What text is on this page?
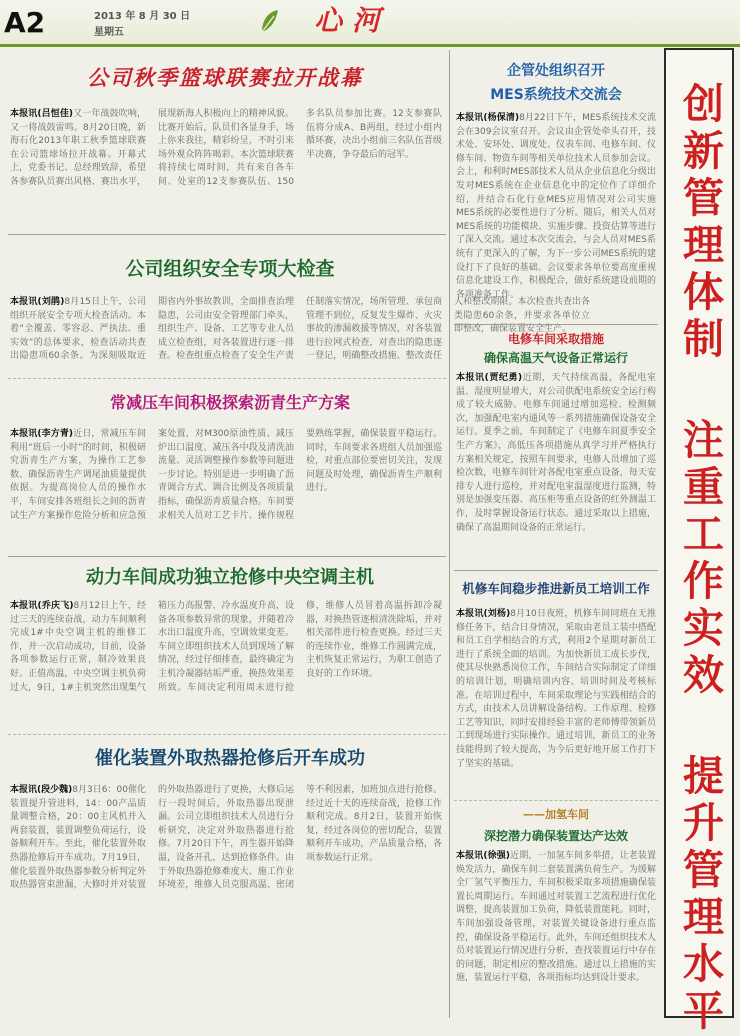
A2	2013 年 8 月 30 日
星期五	心河
公司秋季篮球联赛拉开战幕
本报讯(吕恒佳)又一年战鼓吹响，又一将战鼓雷鸣。8月20日晚，新海石化2013年职工秋季篮球联赛在公司篮球场拉开战幕。开幕式上，党委书记、总经理致辞，希望各参赛队员赛出风格、赛出水平，展现新海人积极向上的精神风貌。比赛开始后，队员们各显身手，场上你来我往，精彩纷呈，不时引来场外观众阵阵喝彩。本次篮球联赛将持续七周时间，共有来自各车间、处室的12支参赛队伍、150多名队员参加比赛。12支参赛队伍将分成A、B两组，经过小组内循环赛，决出小组前三名队伍晋级半决赛，争夺最后的冠军。
公司组织安全专项大检查
本报讯(刘鹃)8月15日上午，公司组织开展安全专项大检查活动。本着“全覆盖、零容忍、严执法、重实效”的总体要求，检查活动共查出隐患项60余条。为深刻吸取近期省内外事故教训，全面排查治理隐患，公司由安全管理部门牵头，组织生产、设备、工艺等专业人员成立检查组，对各装置进行逐一排查。检查组重点检查了安全生产责任制落实情况，场所管理、承包商管理不到位，反复发生爆炸、火灾事故的渗漏救援等情况，对各装置进行拉网式检查，对查出的隐患逐一登记，明确整改措施、整改责任人和整改期限。本次检查共查出各类隐患60余条，并要求各单位立即整改，确保装置安全生产。
常减压车间积极探索沥青生产方案
本报讯(李方青)近日，常减压车间利用“班后一小时”的时间，积极研究沥青生产方案，为操作工艺参数、确保沥青生产调尾油质量提供依据。为提高岗位人员的操作水平，车间安排各班组长之间的沥青试生产方案操作危险分析和应急预案处置，对M300原油性质、减压炉出口温度、减压各中段及清洗油流量、灵活调整操作参数等问题进一步讨论。特别是进一步明确了沥青调合方式、调合比例及各项质量指标，确保沥青质量合格。车间要求相关人员对工艺卡片、操作规程要熟练掌握，确保装置平稳运行。同时，车间要求各班组人员加强巡检，对重点部位要密切关注，发现问题及时处理，确保沥青生产顺利进行。
动力车间成功独立抢修中央空调主机
本报讯(乔庆飞)8月12日上午，经过三天的连续奋战，动力车间顺利完成1#中央空调主机的维修工作，并一次启动成功，目前，设备各项参数运行正常，制冷效果良好。正值高温，中央空调主机负荷过大，9日，1#主机突然出现集气箱压力高报警、冷水温度升高，设备各项参数异常的现象，并随着冷水出口温度升高，空调效果变差。车间立即组织技术人员到现场了解情况，经过仔细排查，最终确定为主机冷凝器结垢严重，换热效果差所致。车间决定利用周末进行抢修，维修人员冒着高温拆卸冷凝器，对换热管逐根清洗除垢，并对相关部件进行检查更换。经过三天的连续作业，维修工作圆满完成，主机恢复正常运行，为职工创造了良好的工作环境。
催化装置外取热器抢修后开车成功
本报讯(段少魏)8月3日6：00催化装置提升管进料，14：00产品质量调整合格，20：00主风机并入两套装置，装置调整负荷运行，设备顺利开车。至此，催化装置外取热器抢修后开车成功。7月19日，催化装置外取热器参数分析判定外取热器管束泄漏，大修时并对装置的外取热器进行了更换，大修后运行一段时间后，外取热器出现泄漏。公司立即组织技术人员进行分析研究，决定对外取热器进行抢修。7月20日下午，再生器开始降温，设备开孔，达到抢修条件。由于外取热器抢修难度大、施工作业环境差，维修人员克服高温、密闭等不利因素，加班加点进行抢修。经过近十天的连续奋战，抢修工作顺利完成。8月2日，装置开始恢复，经过各岗位的密切配合，装置顺利开车成功，产品质量合格，各项参数运行正常。
企管处组织召开
MES系统技术交流会
本报讯(杨保清)8月22日下午，MES系统技术交流会在309会议室召开。会议由企管处牵头召开，技术处、安环处、调度处、仪表车间、电修车间、仪修车间、物资车间等相关单位技术人员参加会议。会上，和利时MES部技术人员从企业信息化分级出发对MES系统在企业信息化中的定位作了详细介绍，并结合石化行业MES应用情况对公司实施MES系统的必要性进行了分析。随后，相关人员对MES系统的功能模块、实施步骤、投资估算等进行了深入交流。通过本次交流会，与会人员对MES系统有了更深入的了解，为下一步公司MES系统的建设打下了良好的基础。会议要求各单位要高度重视信息化建设工作，积极配合，做好系统建设前期的各项准备工作。
电修车间采取措施
确保高温天气设备正常运行
本报讯(贾纪勇)近期，天气持续高温，各配电室温、湿度明显增大，对公司供配电系统安全运行构成了较大威胁。电修车间通过增加巡检、检测频次，加强配电室内通风等一系列措施确保设备安全运行。夏季之前，车间制定了《电修车间夏季安全生产方案》，高低压各项措施从真学习并严格执行方案相关规定，按照车间要求，电修人员增加了巡检次数，电修车间针对各配电室重点设备，每天安排专人进行巡检，并对配电室温湿度进行监测，特别是加强变压器、高压柜等重点设备的红外测温工作，及时掌握设备运行状态。通过采取以上措施，确保了高温期间设备的正常运行。
机修车间稳步推进新员工培训工作
本报讯(刘杨)8月10日夜班，机修车间同班在无推修任务下，结合日身情况，采取由老员工装中搭配和员工自学相结合的方式，利用2个星期对新员工进行了系统全面的培训。为加快新员工成长步伐，使其尽快熟悉岗位工作，车间结合实际制定了详细的培训计划，明确培训内容、培训时间及考核标准。在培训过程中，车间采取理论与实践相结合的方式，由技术人员讲解设备结构、工作原理、检修工艺等知识，同时安排经验丰富的老师傅带领新员工到现场进行实际操作。通过培训，新员工的业务技能得到了较大提高，为今后更好地开展工作打下了坚实的基础。
——加氢车间
深挖潜力确保装置达产达效
本报讯(徐强)近期，一加氢车间多举措，让老装置焕发活力，确保车间二套装置满负荷生产。为缓解全厂氢气平衡压力，车间积极采取多项措施确保装置长周期运行。车间通过对装置工艺流程进行优化调整，提高装置加工负荷，降低装置能耗。同时，车间加强设备管理，对装置关键设备进行重点监控，确保设备平稳运行。此外，车间还组织技术人员对装置运行情况进行分析，查找装置运行中存在的问题，制定相应的整改措施。通过以上措施的实施，装置运行平稳，各项指标均达到设计要求。 创新管理体制 注重工作实效 提升管理水平
